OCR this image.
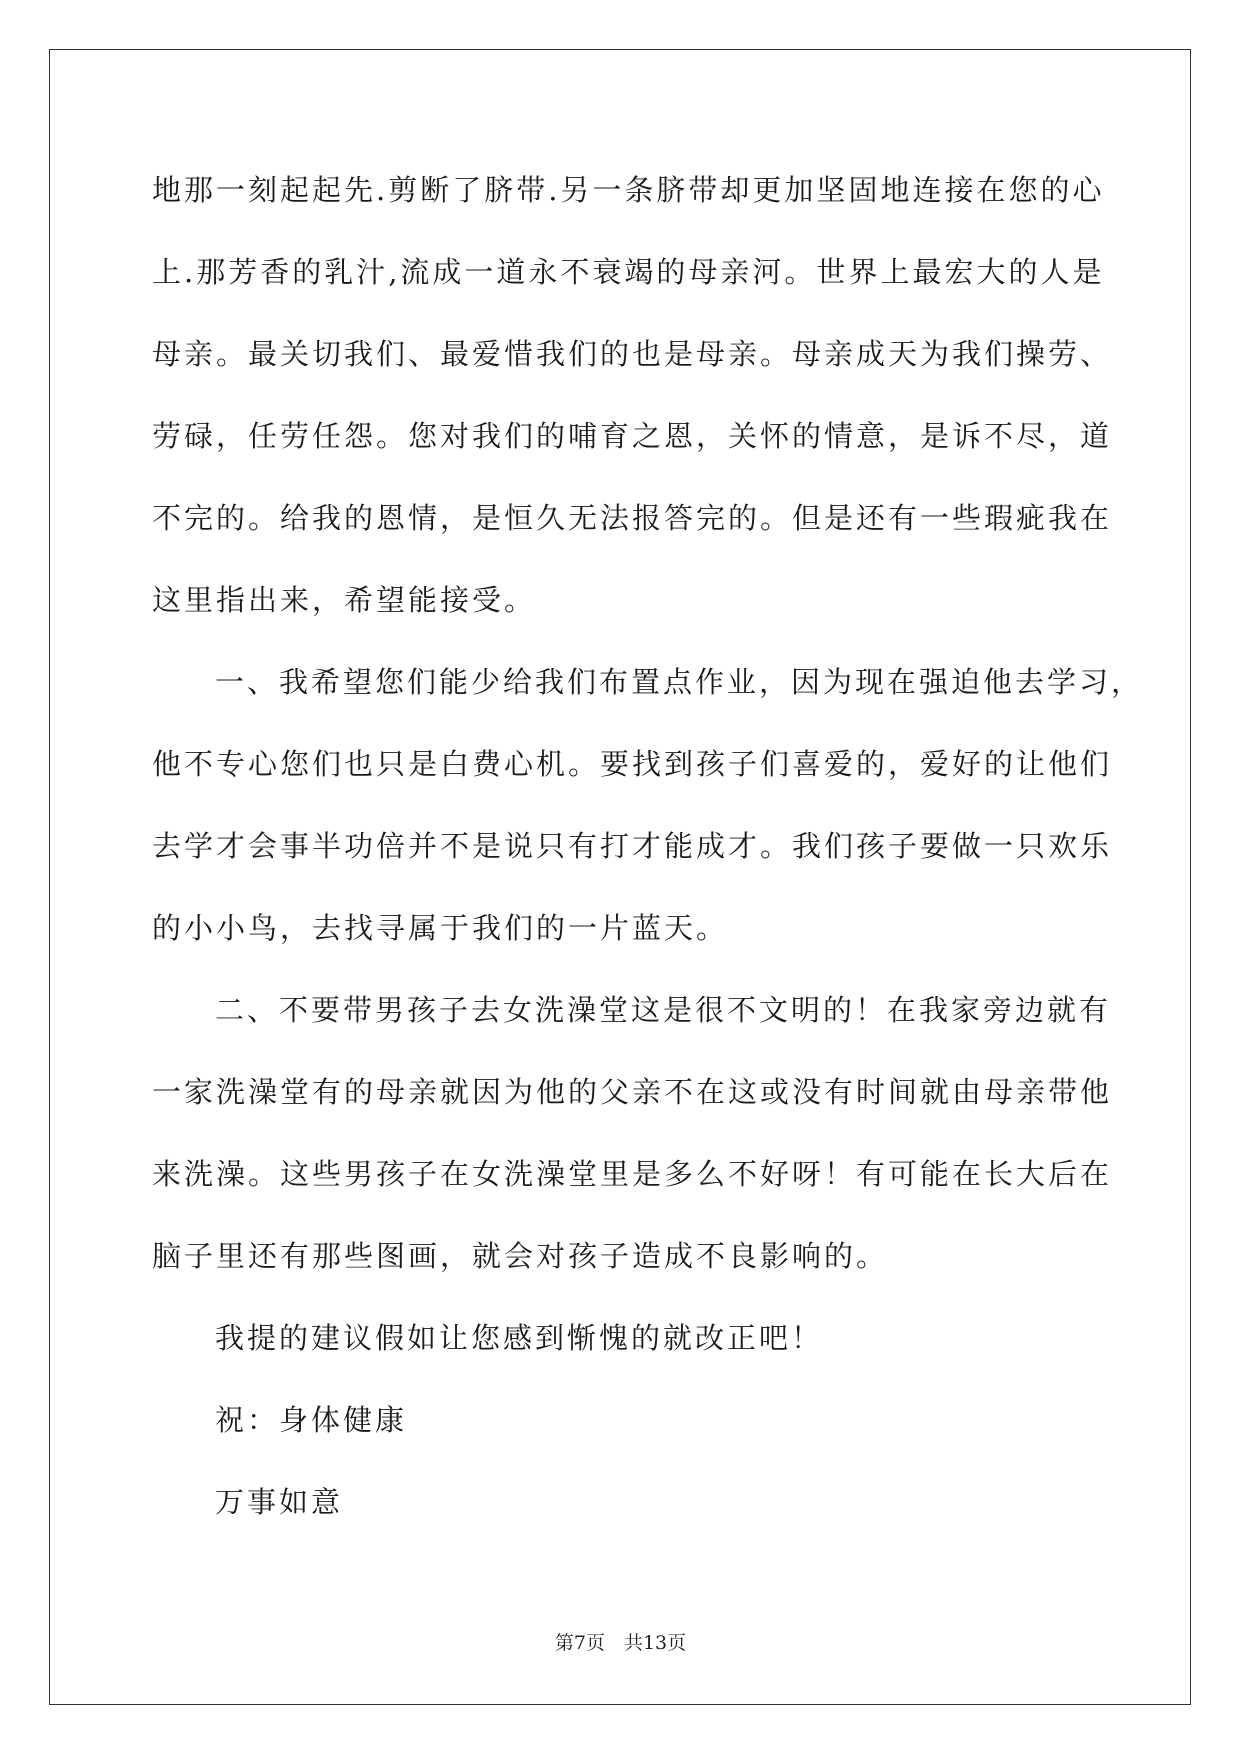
地那一刻起起先.剪断了脐带.另一条脐带却更加坚固地连接在您的心
上.那芳香的乳汁,流成一道永不衰竭的母亲河。世界上最宏大的人是
母亲。最关切我们、最爱惜我们的也是母亲。母亲成天为我们操劳、
劳碌，任劳任怨。您对我们的哺育之恩，关怀的情意，是诉不尽，道
不完的。给我的恩情，是恒久无法报答完的。但是还有一些瑕疵我在
这里指出来，希望能接受。
一、我希望您们能少给我们布置点作业，因为现在强迫他去学习，
他不专心您们也只是白费心机。要找到孩子们喜爱的，爱好的让他们
去学才会事半功倍并不是说只有打才能成才。我们孩子要做一只欢乐
的小小鸟，去找寻属于我们的一片蓝天。
二、不要带男孩子去女洗澡堂这是很不文明的！在我家旁边就有
一家洗澡堂有的母亲就因为他的父亲不在这或没有时间就由母亲带他
来洗澡。这些男孩子在女洗澡堂里是多么不好呀！有可能在长大后在
脑子里还有那些图画，就会对孩子造成不良影响的。
我提的建议假如让您感到惭愧的就改正吧！
祝：身体健康
万事如意
第7页　共13页
